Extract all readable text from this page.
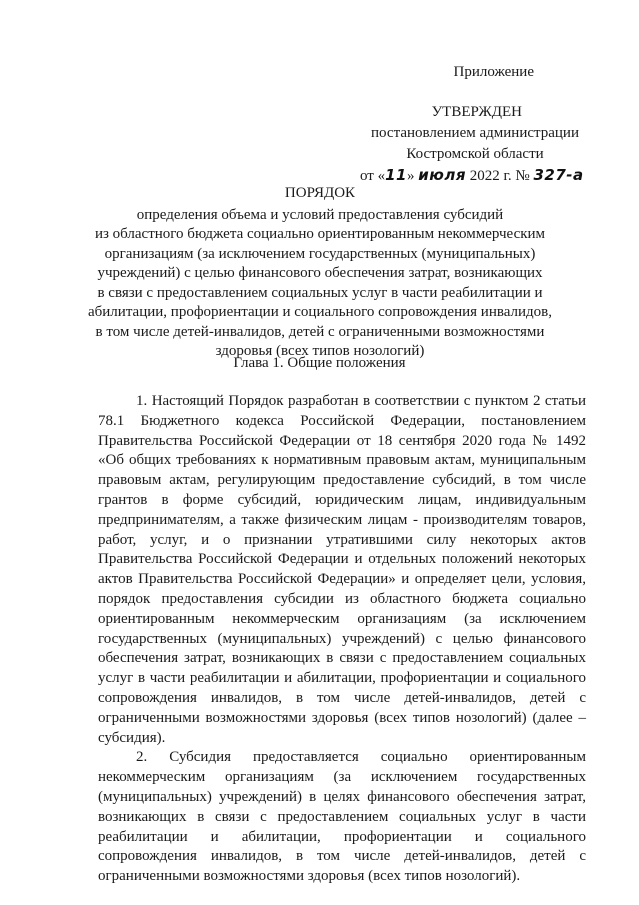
Приложение
УТВЕРЖДЕН
постановлением администрации
Костромской области
от «11» июля 2022 г. № 327-а
ПОРЯДОК
определения объема и условий предоставления субсидий
из областного бюджета социально ориентированным некоммерческим
организациям (за исключением государственных (муниципальных)
учреждений) с целью финансового обеспечения затрат, возникающих
в связи с предоставлением социальных услуг в части реабилитации и
абилитации, профориентации и социального сопровождения инвалидов,
в том числе детей-инвалидов, детей с ограниченными возможностями
здоровья (всех типов нозологий)
Глава 1. Общие положения

1. Настоящий Порядок разработан в соответствии с пунктом 2 статьи 78.1 Бюджетного кодекса Российской Федерации, постановлением Правительства Российской Федерации от 18 сентября 2020 года № 1492 «Об общих требованиях к нормативным правовым актам, муниципальным правовым актам, регулирующим предоставление субсидий, в том числе грантов в форме субсидий, юридическим лицам, индивидуальным предпринимателям, а также физическим лицам - производителям товаров, работ, услуг, и о признании утратившими силу некоторых актов Правительства Российской Федерации и отдельных положений некоторых актов Правительства Российской Федерации» и определяет цели, условия, порядок предоставления субсидии из областного бюджета социально ориентированным некоммерческим организациям (за исключением государственных (муниципальных) учреждений) с целью финансового обеспечения затрат, возникающих в связи с предоставлением социальных услуг в части реабилитации и абилитации, профориентации и социального сопровождения инвалидов, в том числе детей-инвалидов, детей с ограниченными возможностями здоровья (всех типов нозологий) (далее – субсидия).

2. Субсидия предоставляется социально ориентированным некоммерческим организациям (за исключением государственных (муниципальных) учреждений) в целях финансового обеспечения затрат, возникающих в связи с предоставлением социальных услуг в части реабилитации и абилитации, профориентации и социального сопровождения инвалидов, в том числе детей-инвалидов, детей с ограниченными возможностями здоровья (всех типов нозологий).
